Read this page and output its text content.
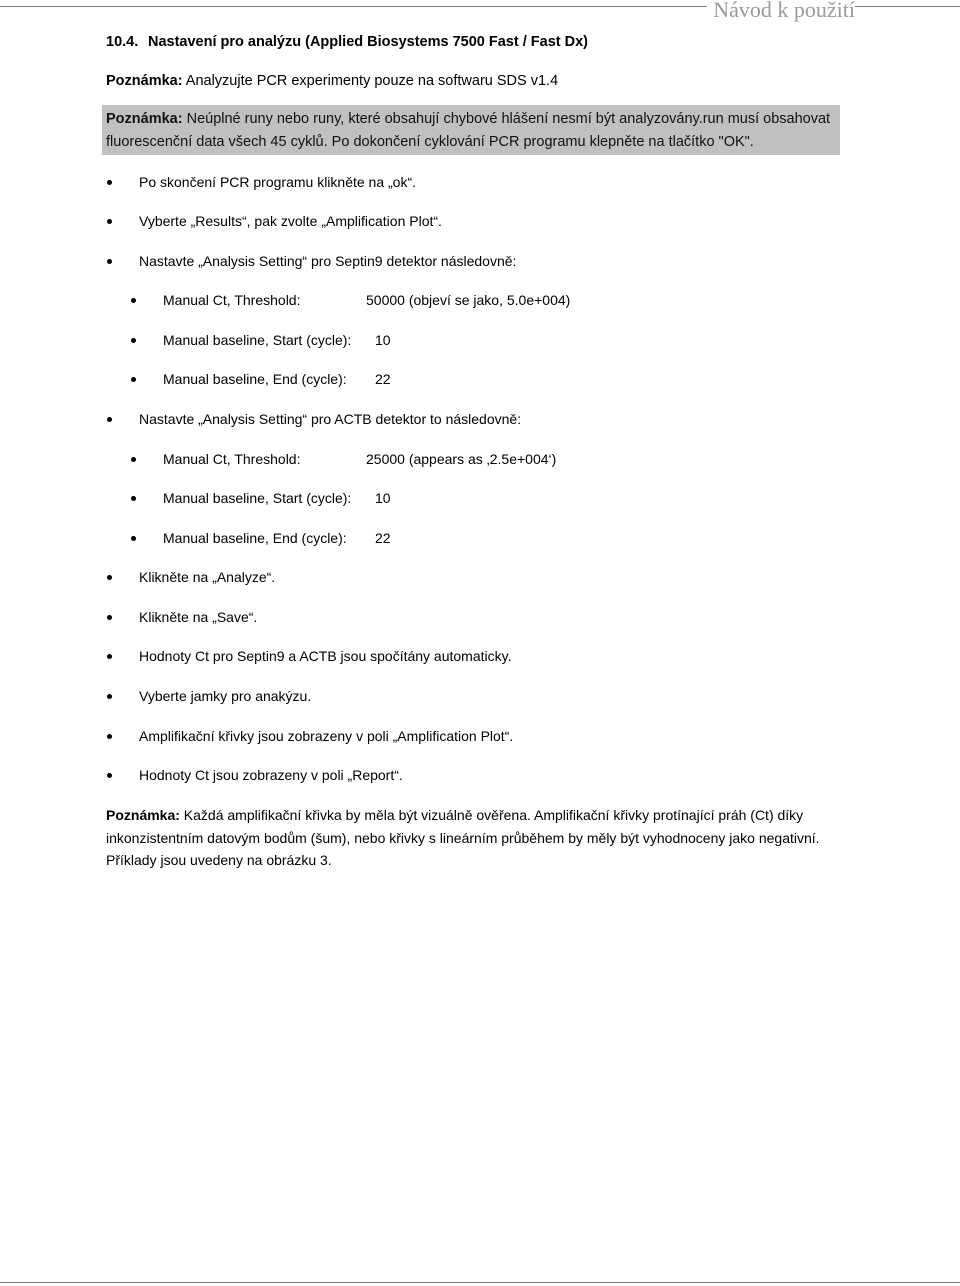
Návod k použití
10.4. Nastavení pro analýzu (Applied Biosystems 7500 Fast / Fast Dx)
Poznámka: Analyzujte PCR experimenty pouze na softwaru SDS v1.4
Poznámka: Neúplné runy nebo runy, které obsahují chybové hlášení nesmí být analyzovány.run musí obsahovat fluorescenční data všech 45 cyklů. Po dokončení cyklování PCR programu klepněte na tlačítko "OK".
Po skončení PCR programu klikněte na „ok“.
Vyberte „Results“, pak zvolte „Amplification Plot“.
Nastavte „Analysis Setting“ pro Septin9 detektor následovně:
Manual Ct, Threshold:	50000 (objeví se jako, 5.0e+004)
Manual baseline, Start (cycle): 10
Manual baseline, End (cycle): 22
Nastavte „Analysis Setting“ pro ACTB detektor to následovně:
Manual Ct, Threshold:	25000 (appears as ‚2.5e+004‘)
Manual baseline, Start (cycle): 10
Manual baseline, End (cycle): 22
Klikněte na „Analyze“.
Klikněte na „Save“.
Hodnoty Ct pro Septin9 a ACTB jsou spočítány automaticky.
Vyberte jamky pro anakýzu.
Amplifikační křivky jsou zobrazeny v poli „Amplification Plot“.
Hodnoty Ct jsou zobrazeny v poli „Report“.
Poznámka: Každá amplifikační křivka by měla být vizuálně ověřena. Amplifikační křivky protínající práh (Ct) díky inkonzistentním datovým bodům (šum), nebo křivky s lineárním průběhem by měly být vyhodnoceny jako negativní. Příklady jsou uvedeny na obrázku 3.
